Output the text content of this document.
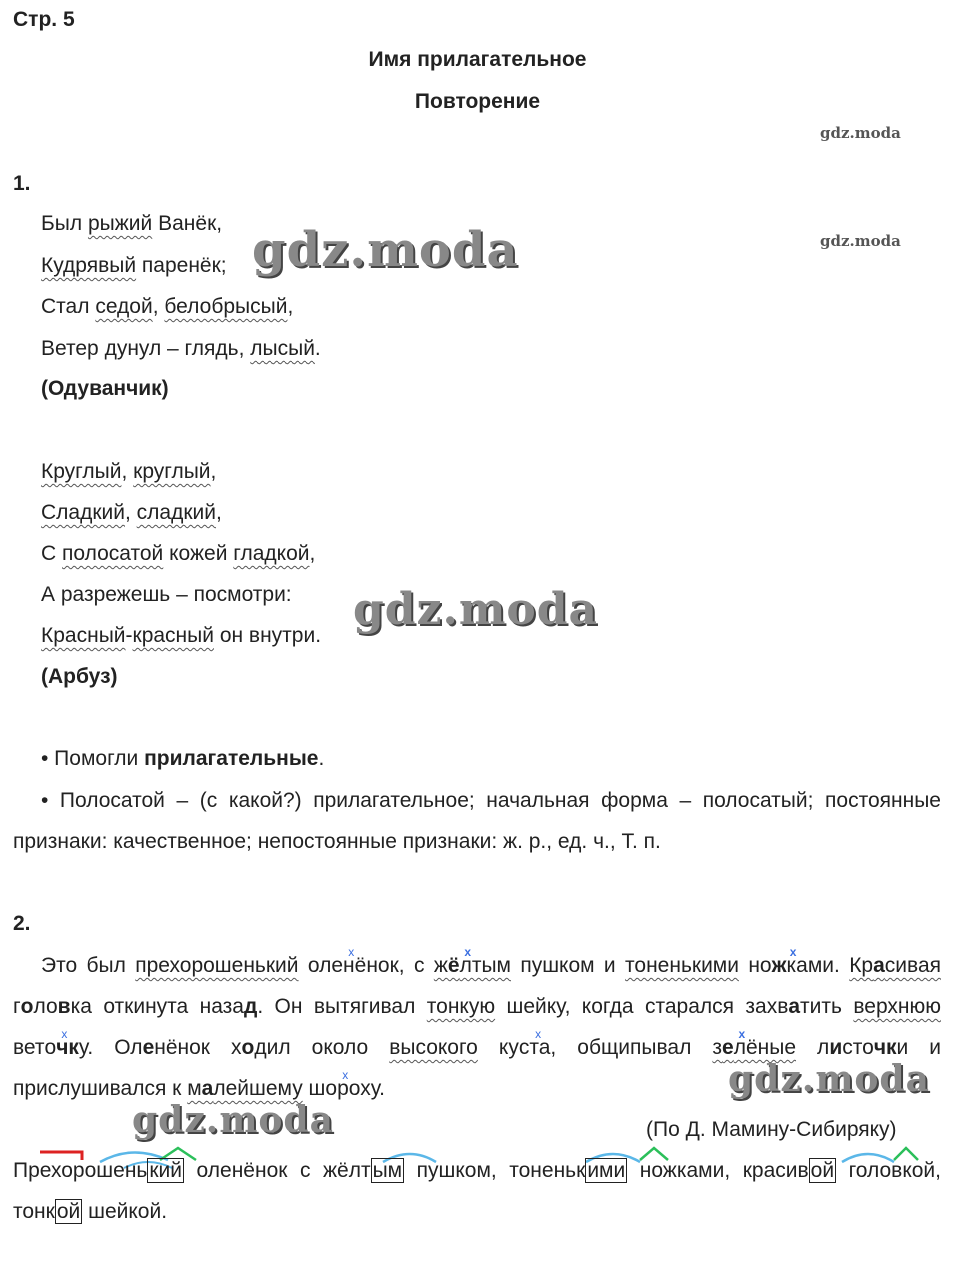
Стр. 5
Имя прилагательное
Повторение
gdz.moda
gdz.moda
gdz.moda
gdz.moda
gdz.moda
gdz.moda
1.
Был рыжий Ванёк,
Кудрявый паренёк;
Стал седой, белобрысый,
Ветер дунул – глядь, лысый.
(Одуванчик)
Круглый, круглый,
Сладкий, сладкий,
С полосатой кожей гладкой,
А разрежешь – посмотри:
Красный-красный он внутри.
(Арбуз)
• Помогли прилагательные.
• Полосатой – (с какой?) прилагательное; начальная форма – полосатый; постоянные признаки: качественное; непостоянные признаки: ж. р., ед. ч., Т. п.
2.
Это был прехорошенький олx енёнок, с жx ёлтым пушком и тоненькими ноx жками. Красивая головка откинута назад. Он вытягивал тонкую шейку, когда старался захватить верхнюю ветx очку. Оленёнок ходил около высокого куx ста, общипывал зx елёные листочки и прислушивался к малейшему шx ороху.
(По Д. Мамину-Сибиряку)
Прехорошенький оленёнок с жёлтым пушком, тоненькими ножками, красивой головкой, тонкой шейкой.
